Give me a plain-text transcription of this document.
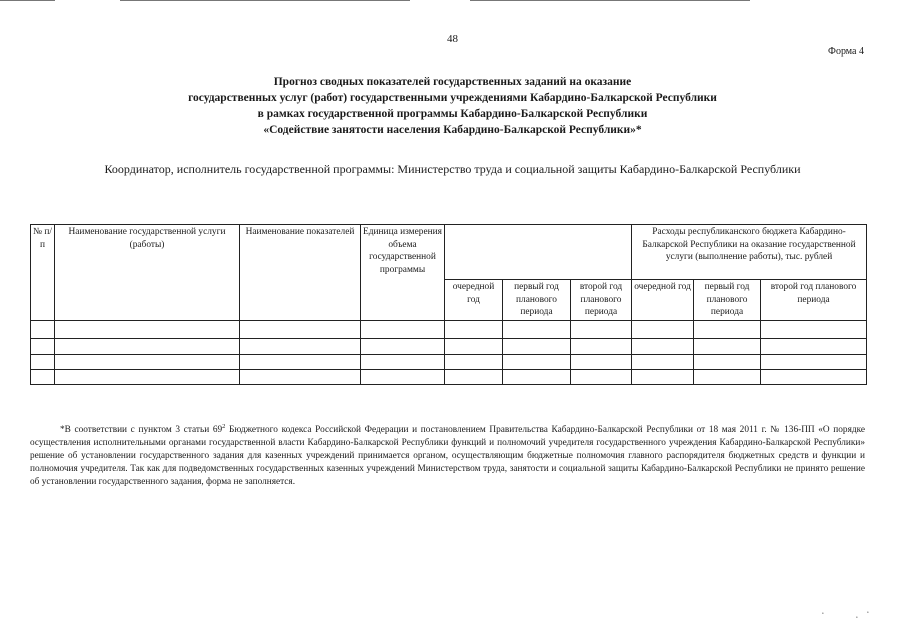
48
Форма 4
Прогноз сводных показателей государственных заданий на оказание
государственных услуг (работ) государственными учреждениями Кабардино-Балкарской Республики
в рамках государственной программы Кабардино-Балкарской Республики
«Содействие занятости населения Кабардино-Балкарской Республики»*
Координатор, исполнитель государственной программы: Министерство труда и социальной защиты Кабардино-Балкарской Республики
№ п/п	Наименование государственной услуги (работы)	Наименование показателей	Единица измерения объема государственной программы				Расходы республиканского бюджета Кабардино-Балкарской Республики на оказание государственной услуги (выполнение работы), тыс. рублей		
				очередной год	первый год планового периода	второй год планового периода	очередной год	первый год планового периода	второй год планового периода

*В соответствии с пунктом 3 статьи $69^2$ Бюджетного кодекса Российской Федерации и постановлением Правительства Кабардино-Балкарской Республики от 18 мая 2011 г. № 136-ПП «О порядке осуществления исполнительными органами государственной власти Кабардино-Балкарской Республики функций и полномочий учредителя государственного учреждения Кабардино-Балкарской Республики» решение об установлении государственного задания для казенных учреждений принимается органом, осуществляющим бюджетные полномочия главного распорядителя бюджетных средств и функции и полномочия учредителя. Так как для подведомственных государственных казенных учреждений Министерством труда, занятости и социальной защиты Кабардино-Балкарской Республики не принято решение об установлении государственного задания, форма не заполняется.

•
•
•
